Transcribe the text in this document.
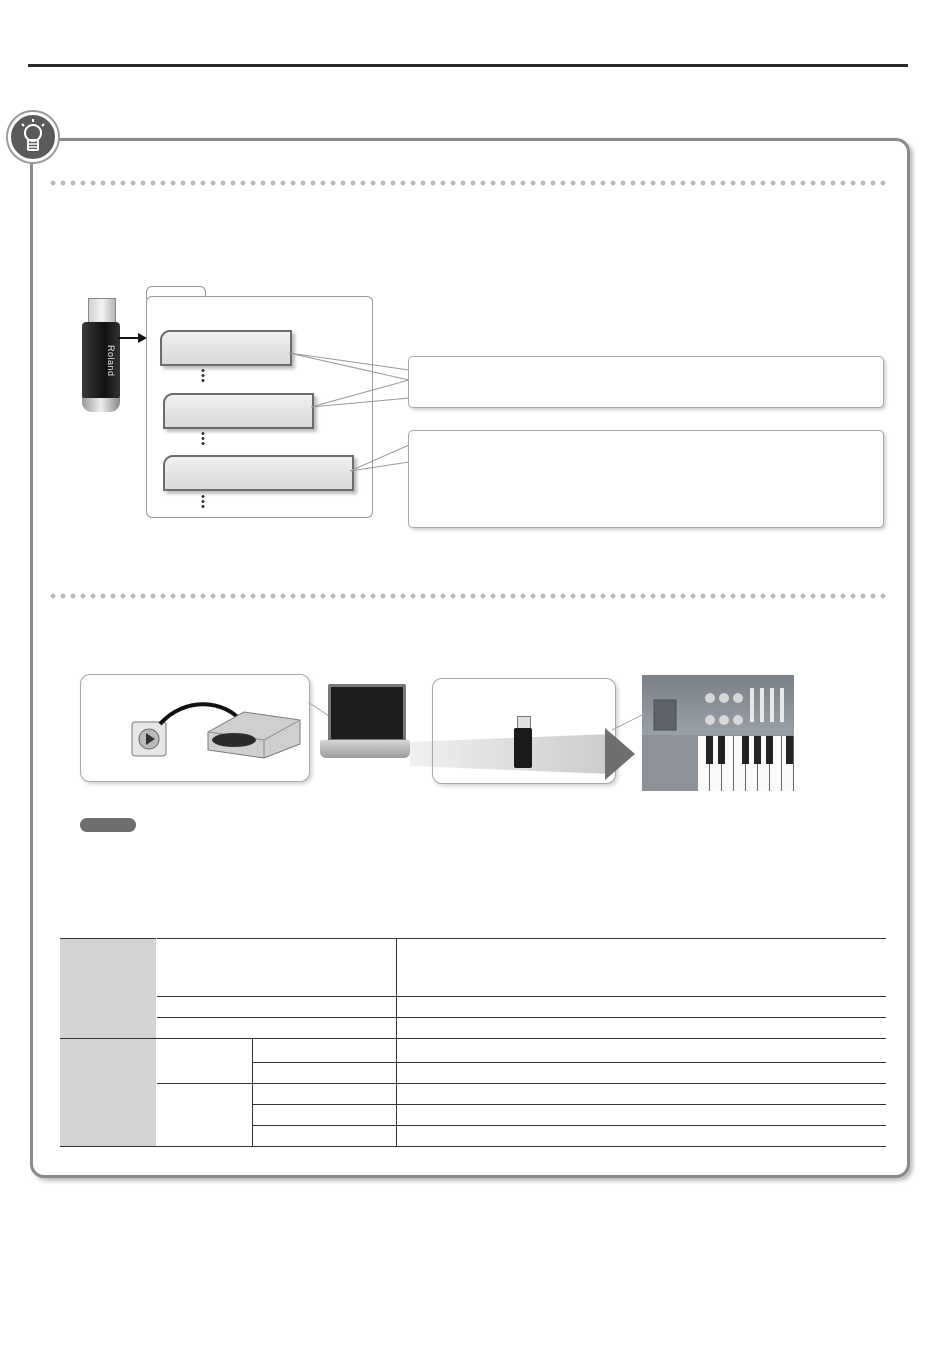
Roland
